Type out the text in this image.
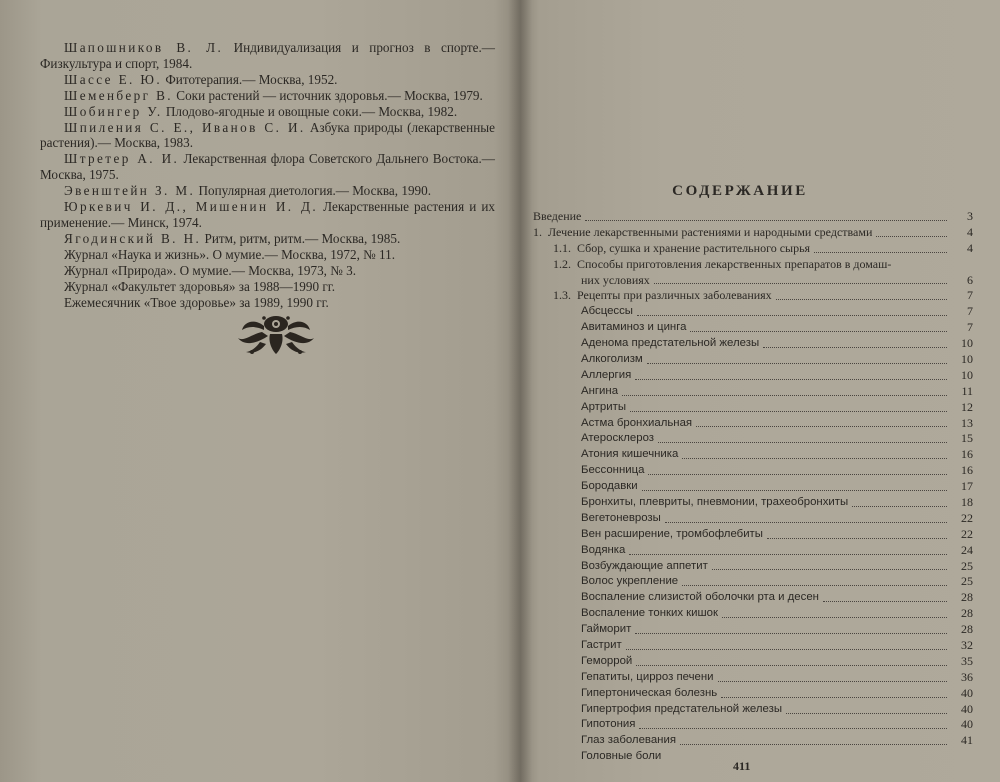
Шапошников В. Л. Индивидуализация и прогноз в спорте.—Физкультура и спорт, 1984.

Шассе Е. Ю. Фитотерапия.— Москва, 1952.

Шеменберг В. Соки растений — источник здоровья.— Москва, 1979.

Шобингер У. Плодово-ягодные и овощные соки.— Москва, 1982.

Шпиления С. Е., Иванов С. И. Азбука природы (лекарственные растения).— Москва, 1983.

Штретер А. И. Лекарственная флора Советского Дальнего Востока.— Москва, 1975.

Эвенштейн З. М. Популярная диетология.— Москва, 1990.

Юркевич И. Д., Мишенин И. Д. Лекарственные растения и их применение.— Минск, 1974.

Ягодинский В. Н. Ритм, ритм, ритм.— Москва, 1985.

Журнал «Наука и жизнь». О мумие.— Москва, 1972, № 11.

Журнал «Природа». О мумие.— Москва, 1973, № 3.

Журнал «Факультет здоровья» за 1988—1990 гг.

Ежемесячник «Твое здоровье» за 1989, 1990 гг.

СОДЕРЖАНИЕ
Введение	3
1. Лечение лекарственными растениями и народными средствами	4
1.1. Сбор, сушка и хранение растительного сырья	4
1.2. Способы приготовления лекарственных препаратов в домаш-
них условиях	6
1.3. Рецепты при различных заболеваниях	7
Абсцессы	7
Авитаминоз и цинга	7
Аденома предстательной железы	10
Алкоголизм	10
Аллергия	10
Ангина	11
Артриты	12
Астма бронхиальная	13
Атеросклероз	15
Атония кишечника	16
Бессонница	16
Бородавки	17
Бронхиты, плевриты, пневмонии, трахеобронхиты	18
Вегетоневрозы	22
Вен расширение, тромбофлебиты	22
Водянка	24
Возбуждающие аппетит	25
Волос укрепление	25
Воспаление слизистой оболочки рта и десен	28
Воспаление тонких кишок	28
Гайморит	28
Гастрит	32
Геморрой	35
Гепатиты, цирроз печени	36
Гипертоническая болезнь	40
Гипертрофия предстательной железы	40
Гипотония	40
Глаз заболевания	41
Головные боли
411
